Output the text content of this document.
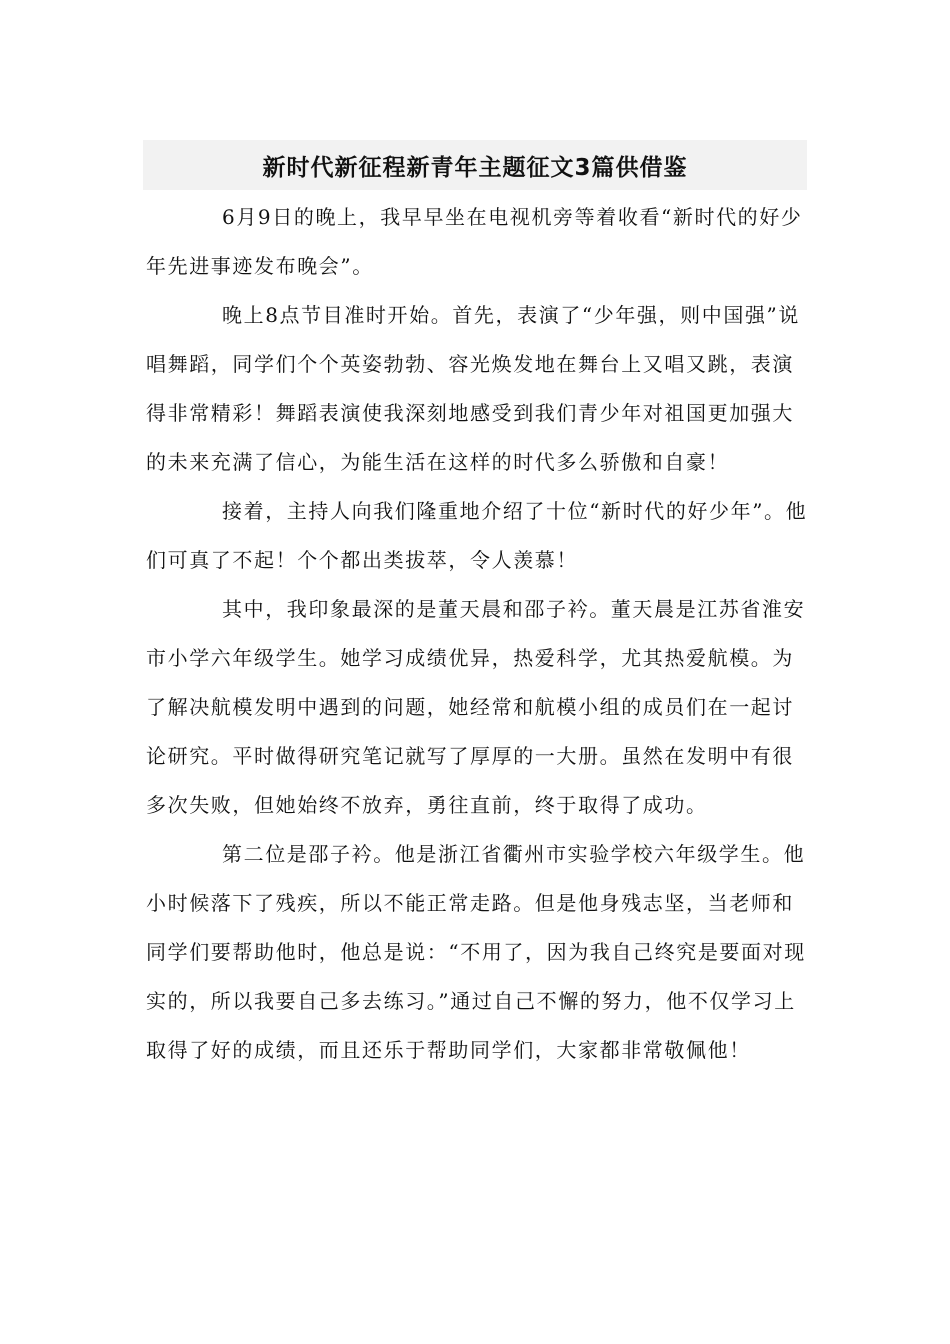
新时代新征程新青年主题征文3篇供借鉴

6月9日的晚上，我早早坐在电视机旁等着收看“新时代的好少年先进事迹发布晚会”。

晚上8点节目准时开始。首先，表演了“少年强，则中国强”说唱舞蹈，同学们个个英姿勃勃、容光焕发地在舞台上又唱又跳，表演得非常精彩！舞蹈表演使我深刻地感受到我们青少年对祖国更加强大的未来充满了信心，为能生活在这样的时代多么骄傲和自豪！

接着，主持人向我们隆重地介绍了十位“新时代的好少年”。他们可真了不起！个个都出类拔萃，令人羡慕！

其中，我印象最深的是董天晨和邵子衿。董天晨是江苏省淮安市小学六年级学生。她学习成绩优异，热爱科学，尤其热爱航模。为了解决航模发明中遇到的问题，她经常和航模小组的成员们在一起讨论研究。平时做得研究笔记就写了厚厚的一大册。虽然在发明中有很多次失败，但她始终不放弃，勇往直前，终于取得了成功。

第二位是邵子衿。他是浙江省衢州市实验学校六年级学生。他小时候落下了残疾，所以不能正常走路。但是他身残志坚，当老师和同学们要帮助他时，他总是说：“不用了，因为我自己终究是要面对现实的，所以我要自己多去练习。”通过自己不懈的努力，他不仅学习上取得了好的成绩，而且还乐于帮助同学们，大家都非常敬佩他！
